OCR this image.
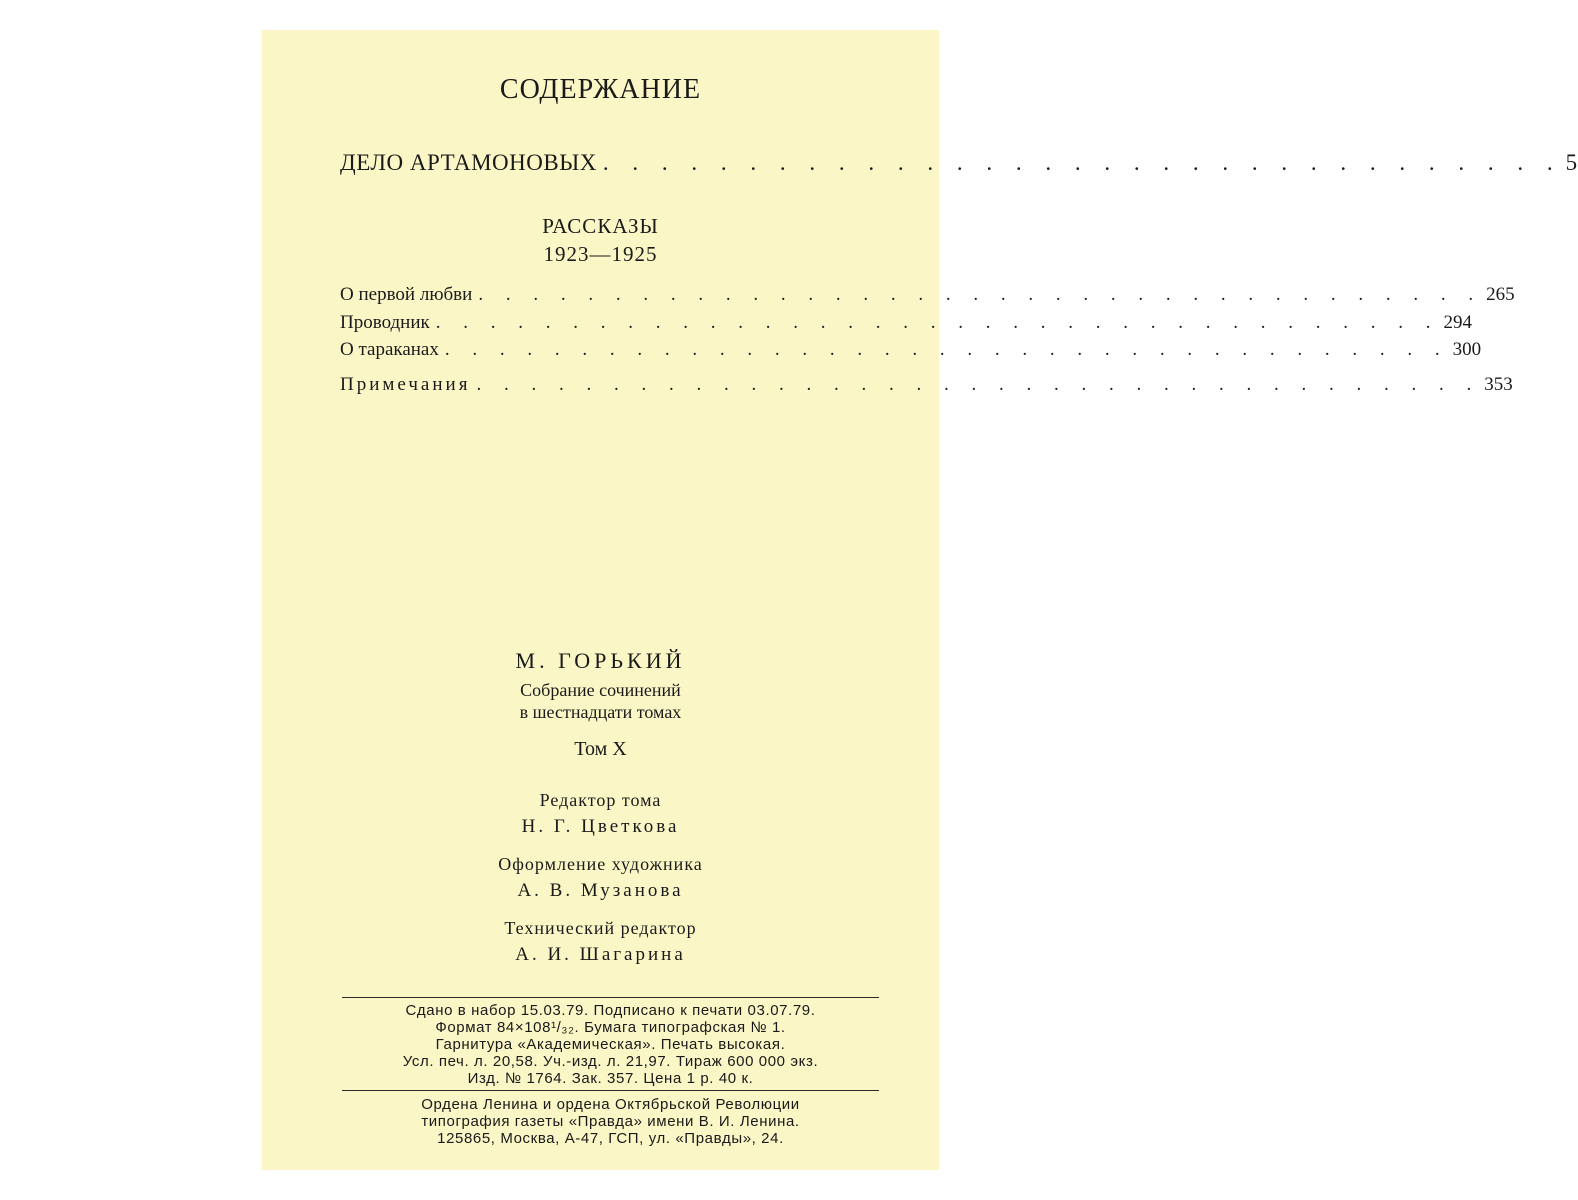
СОДЕРЖАНИЕ
ДЕЛО АРТАМОНОВЫХ . . . . . . . . . . . . . . . . . . . . . . . . . . . . . . . . . 5
РАССКАЗЫ
1923—1925
О первой любви . . . . . . . . . . . . . . . . . . . . . . . . . . . . . . . . . . . . . 265
Проводник . . . . . . . . . . . . . . . . . . . . . . . . . . . . . . . . . . . . . 294
О тараканах . . . . . . . . . . . . . . . . . . . . . . . . . . . . . . . . . . . . . 300
Примечания . . . . . . . . . . . . . . . . . . . . . . . . . . . . . . . . . . . . . 353
М. ГОРЬКИЙ
Собрание сочинений
в шестнадцати томах
Том X
Редактор тома
Н. Г. Цветкова
Оформление художника
А. В. Музанова
Технический редактор
А. И. Шагарина
Сдано в набор 15.03.79. Подписано к печати 03.07.79.
Формат 84×108¹/₃₂. Бумага типографская № 1.
Гарнитура «Академическая». Печать высокая.
Усл. печ. л. 20,58. Уч.-изд. л. 21,97. Тираж 600 000 экз.
Изд. № 1764. Зак. 357. Цена 1 р. 40 к.
Ордена Ленина и ордена Октябрьской Революции
типография газеты «Правда» имени В. И. Ленина.
125865, Москва, А-47, ГСП, ул. «Правды», 24.
